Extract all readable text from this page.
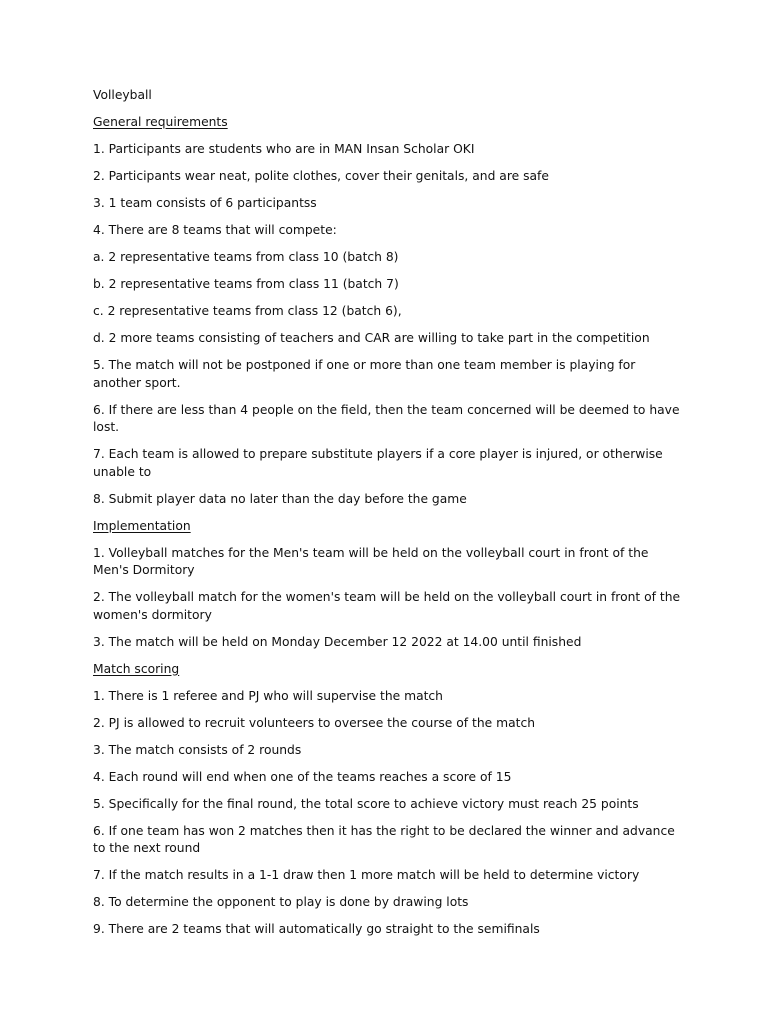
Volleyball

General requirements

1. Participants are students who are in MAN Insan Scholar OKI

2. Participants wear neat, polite clothes, cover their genitals, and are safe

3. 1 team consists of 6 participantss

4. There are 8 teams that will compete:

a. 2 representative teams from class 10 (batch 8)

b. 2 representative teams from class 11 (batch 7)

c. 2 representative teams from class 12 (batch 6),

d. 2 more teams consisting of teachers and CAR are willing to take part in the competition

5. The match will not be postponed if one or more than one team member is playing for another sport.

6. If there are less than 4 people on the field, then the team concerned will be deemed to have lost.

7. Each team is allowed to prepare substitute players if a core player is injured, or otherwise unable to

8. Submit player data no later than the day before the game

Implementation

1. Volleyball matches for the Men's team will be held on the volleyball court in front of the Men's Dormitory

2. The volleyball match for the women's team will be held on the volleyball court in front of the women's dormitory

3. The match will be held on Monday December 12 2022 at 14.00 until finished

Match scoring

1. There is 1 referee and PJ who will supervise the match

2. PJ is allowed to recruit volunteers to oversee the course of the match

3. The match consists of 2 rounds

4. Each round will end when one of the teams reaches a score of 15

5. Specifically for the final round, the total score to achieve victory must reach 25 points

6. If one team has won 2 matches then it has the right to be declared the winner and advance to the next round

7. If the match results in a 1-1 draw then 1 more match will be held to determine victory

8. To determine the opponent to play is done by drawing lots

9. There are 2 teams that will automatically go straight to the semifinals
